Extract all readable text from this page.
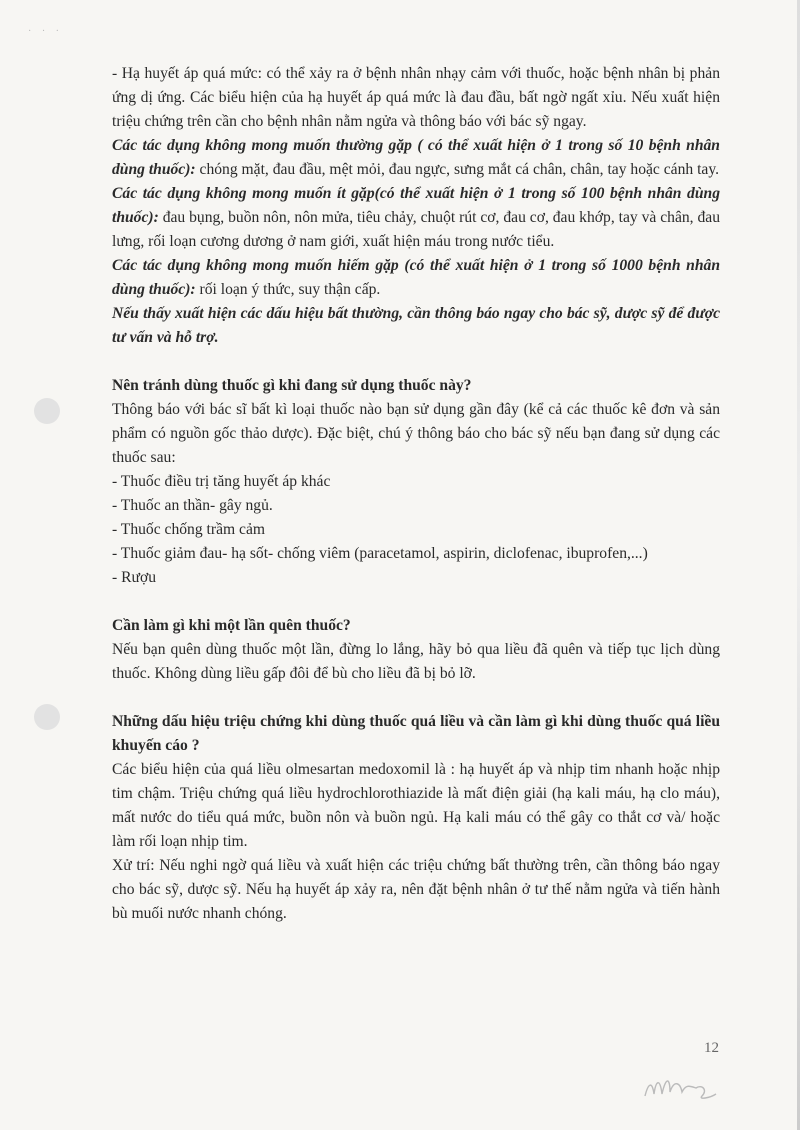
· · ·

- Hạ huyết áp quá mức: có thể xảy ra ở bệnh nhân nhạy cảm với thuốc, hoặc bệnh nhân bị phản ứng dị ứng. Các biểu hiện của hạ huyết áp quá mức là đau đầu, bất ngờ ngất xỉu. Nếu xuất hiện triệu chứng trên cần cho bệnh nhân nằm ngửa và thông báo với bác sỹ ngay.

Các tác dụng không mong muốn thường gặp ( có thể xuất hiện ở 1 trong số 10 bệnh nhân dùng thuốc): chóng mặt, đau đầu, mệt mỏi, đau ngực, sưng mắt cá chân, chân, tay hoặc cánh tay.

Các tác dụng không mong muốn ít gặp(có thể xuất hiện ở 1 trong số 100 bệnh nhân dùng thuốc): đau bụng, buồn nôn, nôn mửa, tiêu chảy, chuột rút cơ, đau cơ, đau khớp, tay và chân, đau lưng, rối loạn cương dương ở nam giới, xuất hiện máu trong nước tiểu.

Các tác dụng không mong muốn hiếm gặp (có thể xuất hiện ở 1 trong số 1000 bệnh nhân dùng thuốc): rối loạn ý thức, suy thận cấp.

Nếu thấy xuất hiện các dấu hiệu bất thường, cần thông báo ngay cho bác sỹ, dược sỹ để được tư vấn và hỗ trợ.

Nên tránh dùng thuốc gì khi đang sử dụng thuốc này?

Thông báo với bác sĩ bất kì loại thuốc nào bạn sử dụng gần đây (kể cả các thuốc kê đơn và sản phẩm có nguồn gốc thảo dược). Đặc biệt, chú ý thông báo cho bác sỹ nếu bạn đang sử dụng các thuốc sau:

- Thuốc điều trị tăng huyết áp khác

- Thuốc an thần- gây ngủ.

- Thuốc chống trầm cảm

- Thuốc giảm đau- hạ sốt- chống viêm (paracetamol, aspirin, diclofenac, ibuprofen,...)

- Rượu

Cần làm gì khi một lần quên thuốc?

Nếu bạn quên dùng thuốc một lần, đừng lo lắng, hãy bỏ qua liều đã quên và tiếp tục lịch dùng thuốc. Không dùng liều gấp đôi để bù cho liều đã bị bỏ lỡ.

Những dấu hiệu triệu chứng khi dùng thuốc quá liều và cần làm gì khi dùng thuốc quá liều khuyến cáo ?

Các biểu hiện của quá liều olmesartan medoxomil là : hạ huyết áp và nhịp tim nhanh hoặc nhịp tim chậm. Triệu chứng quá liều hydrochlorothiazide là mất điện giải (hạ kali máu, hạ clo máu), mất nước do tiểu quá mức, buồn nôn và buồn ngủ. Hạ kali máu có thể gây co thắt cơ và/ hoặc làm rối loạn nhịp tim.

Xử trí: Nếu nghi ngờ quá liều và xuất hiện các triệu chứng bất thường trên, cần thông báo ngay cho bác sỹ, dược sỹ. Nếu hạ huyết áp xảy ra, nên đặt bệnh nhân ở tư thế nằm ngửa và tiến hành bù muối nước nhanh chóng.

12
